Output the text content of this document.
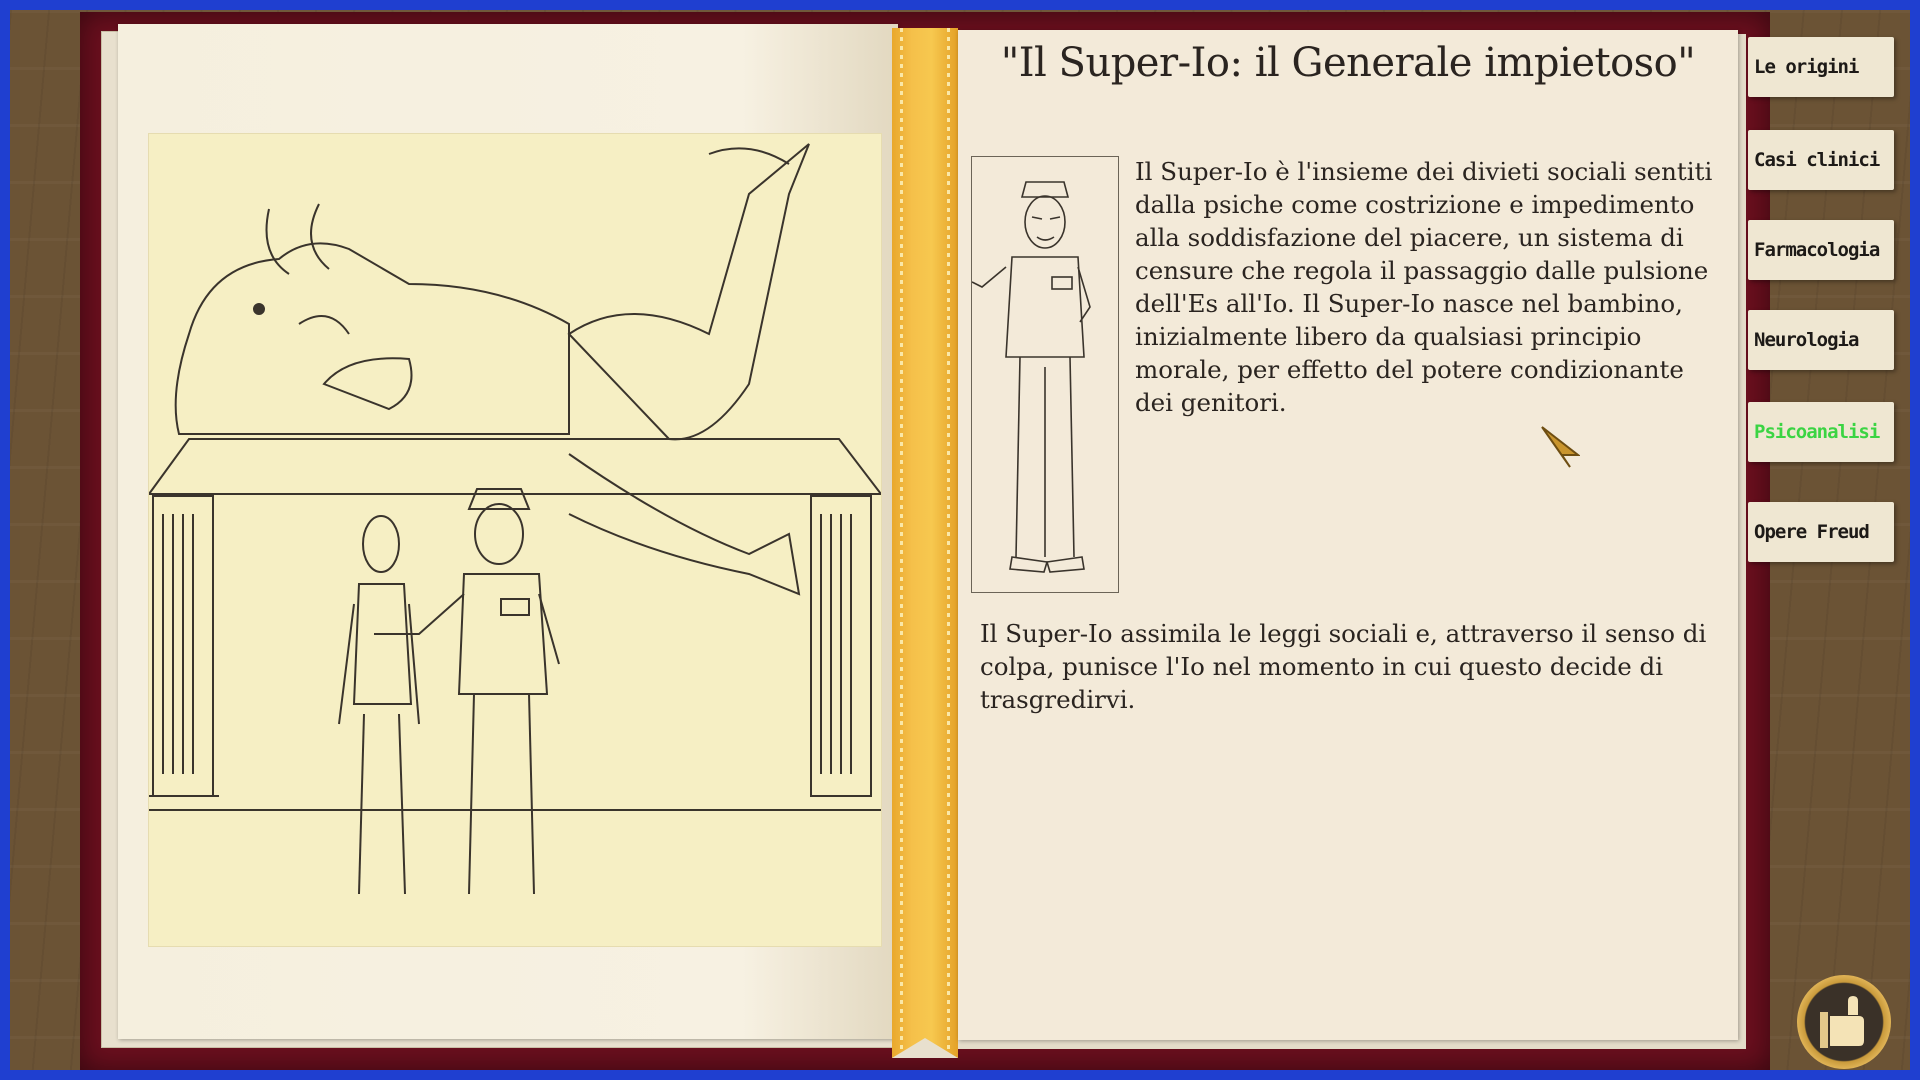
"Il Super-Io: il Generale impietoso"
Il Super-Io è l'insieme dei divieti sociali sentiti dalla psiche come costrizione e impedimento alla soddisfazione del piacere, un sistema di censure che regola il passaggio dalle pulsione dell'Es all'Io. Il Super-Io nasce nel bambino, inizialmente libero da qualsiasi principio morale, per effetto del potere condizionante dei genitori.
Il Super-Io assimila le leggi sociali e, attraverso il senso di colpa, punisce l'Io nel momento in cui questo decide di trasgredirvi.
Le origini
Casi clinici
Farmacologia
Neurologia
Psicoanalisi
Opere Freud
